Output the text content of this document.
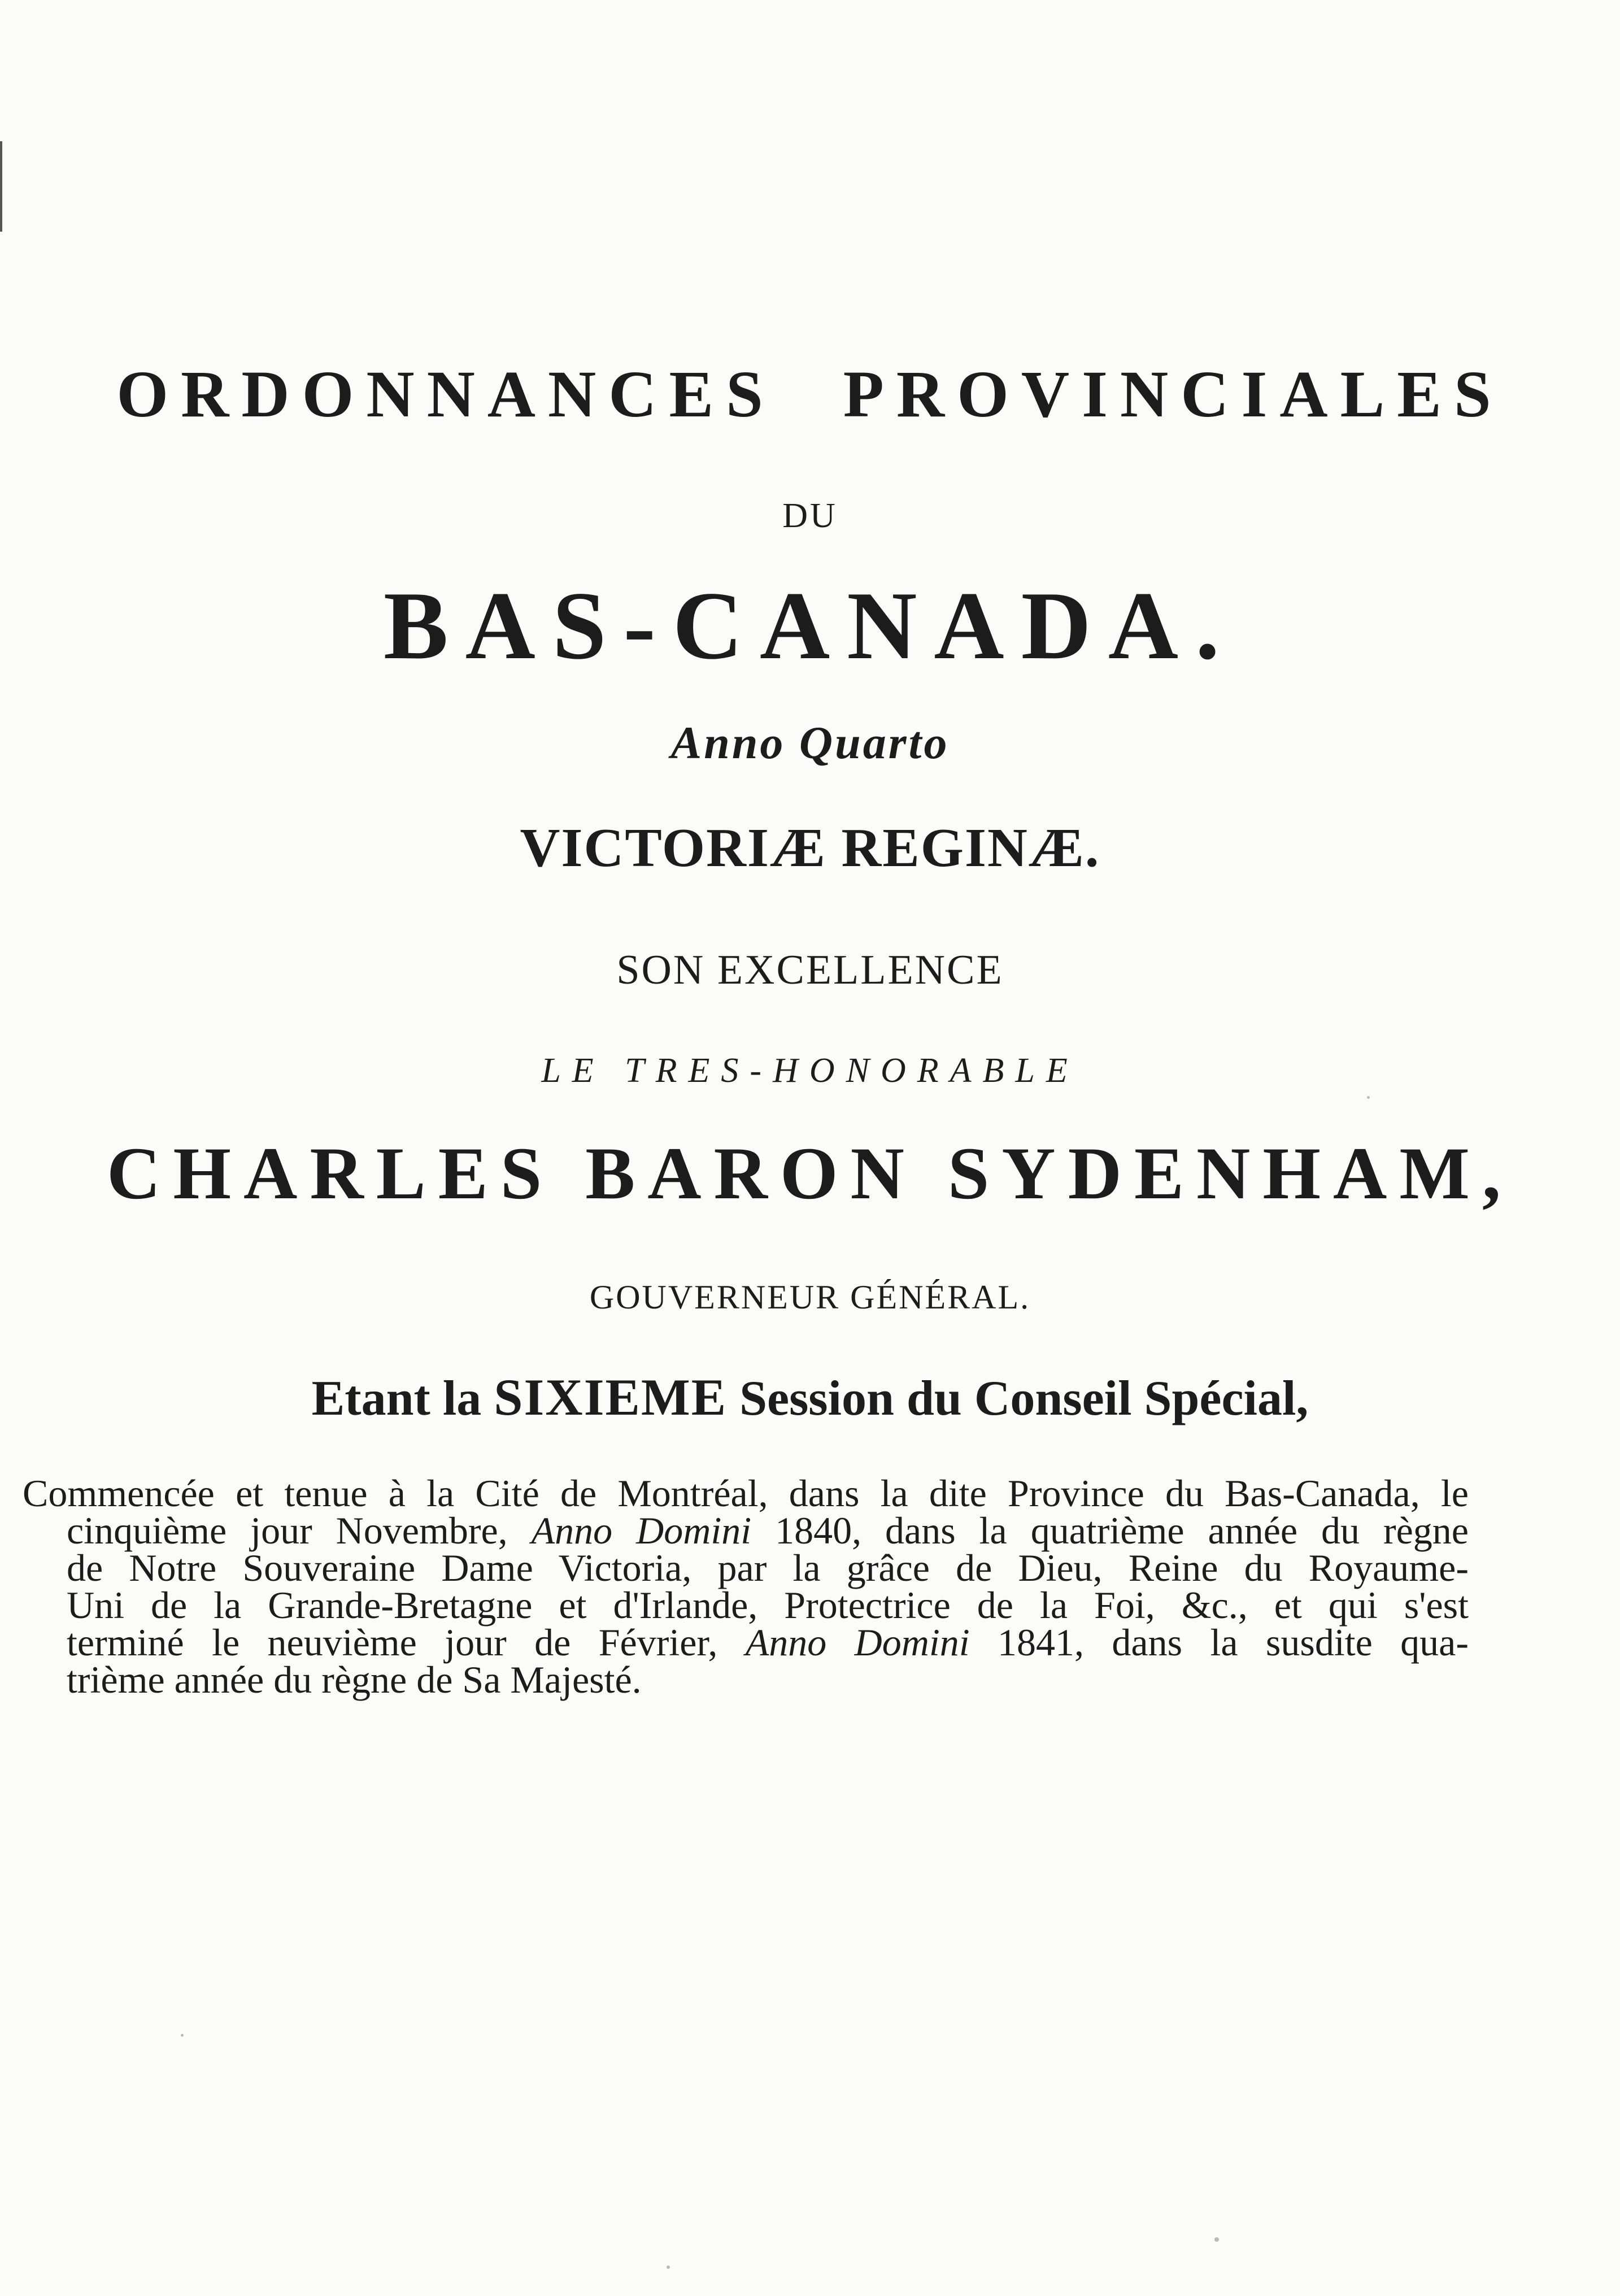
ORDONNANCES PROVINCIALES
DU
BAS-CANADA.
Anno Quarto
VICTORIÆ REGINÆ.
SON EXCELLENCE
LE TRES-HONORABLE
CHARLES BARON SYDENHAM,
GOUVERNEUR GÉNÉRAL.
Etant la SIXIEME Session du Conseil Spécial,
Commencée et tenue à la Cité de Montréal, dans la dite Province du Bas-Canada, le
cinquième jour Novembre, Anno Domini 1840, dans la quatrième année du règne
de Notre Souveraine Dame Victoria, par la grâce de Dieu, Reine du Royaume-
Uni de la Grande-Bretagne et d'Irlande, Protectrice de la Foi, &c., et qui s'est
terminé le neuvième jour de Février, Anno Domini 1841, dans la susdite qua-
trième année du règne de Sa Majesté.
